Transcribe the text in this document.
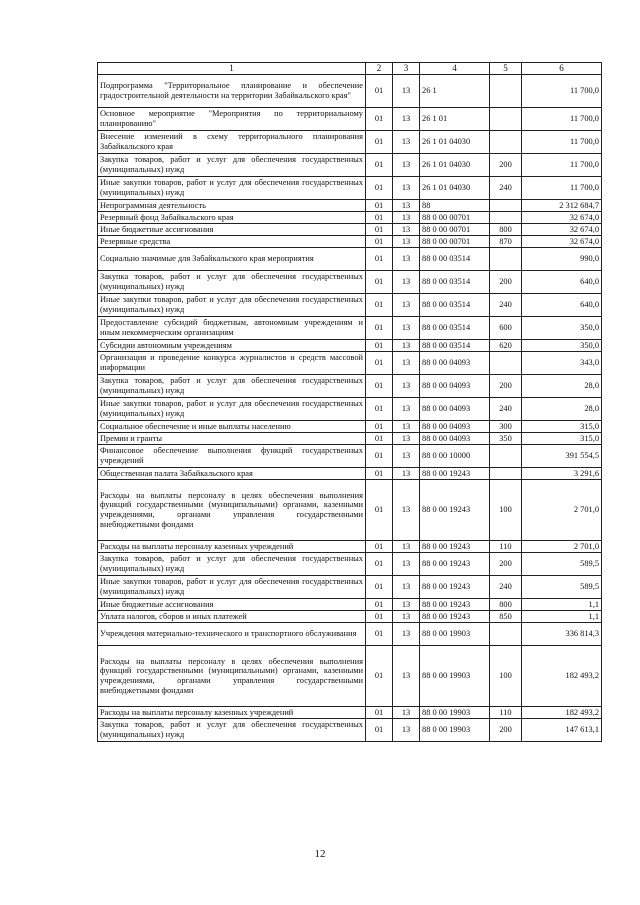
1	2	3	4	5	6
Подпрограмма "Территориальное планирование и обеспечение градостроительной деятельности на территории Забайкальского края"	01	13	26 1		11 700,0
Основное мероприятие "Мероприятия по территориальному планированию"	01	13	26 1 01		11 700,0
Внесение изменений в схему территориального планирования Забайкальского края	01	13	26 1 01 04030		11 700,0
Закупка товаров, работ и услуг для обеспечения государственных (муниципальных) нужд	01	13	26 1 01 04030	200	11 700,0
Иные закупки товаров, работ и услуг для обеспечения государственных (муниципальных) нужд	01	13	26 1 01 04030	240	11 700,0
Непрограммная деятельность	01	13	88		2 312 684,7
Резервный фонд Забайкальского края	01	13	88 0 00 00701		32 674,0
Иные бюджетные ассигнования	01	13	88 0 00 00701	800	32 674,0
Резервные средства	01	13	88 0 00 00701	870	32 674,0
Социально значимые для Забайкальского края мероприятия	01	13	88 0 00 03514		990,0
Закупка товаров, работ и услуг для обеспечения государственных (муниципальных) нужд	01	13	88 0 00 03514	200	640,0
Иные закупки товаров, работ и услуг для обеспечения государственных (муниципальных) нужд	01	13	88 0 00 03514	240	640,0
Предоставление субсидий бюджетным, автономным учреждениям и иным некоммерческим организациям	01	13	88 0 00 03514	600	350,0
Субсидии автономным учреждениям	01	13	88 0 00 03514	620	350,0
Организация и проведение конкурса журналистов и средств массовой информации	01	13	88 0 00 04093		343,0
Закупка товаров, работ и услуг для обеспечения государственных (муниципальных) нужд	01	13	88 0 00 04093	200	28,0
Иные закупки товаров, работ и услуг для обеспечения государственных (муниципальных) нужд	01	13	88 0 00 04093	240	28,0
Социальное обеспечение и иные выплаты населению	01	13	88 0 00 04093	300	315,0
Премии и гранты	01	13	88 0 00 04093	350	315,0
Финансовое обеспечение выполнения функций государственных учреждений	01	13	88 0 00 10000		391 554,5
Общественная палата Забайкальского края	01	13	88 0 00 19243		3 291,6
Расходы на выплаты персоналу в целях обеспечения выполнения функций государственными (муниципальными) органами, казенными учреждениями, органами управления государственными внебюджетными фондами	01	13	88 0 00 19243	100	2 701,0
Расходы на выплаты персоналу казенных учреждений	01	13	88 0 00 19243	110	2 701,0
Закупка товаров, работ и услуг для обеспечения государственных (муниципальных) нужд	01	13	88 0 00 19243	200	589,5
Иные закупки товаров, работ и услуг для обеспечения государственных (муниципальных) нужд	01	13	88 0 00 19243	240	589,5
Иные бюджетные ассигнования	01	13	88 0 00 19243	800	1,1
Уплата налогов, сборов и иных платежей	01	13	88 0 00 19243	850	1,1
Учреждения материально-технического и транспортного обслуживания	01	13	88 0 00 19903		336 814,3
Расходы на выплаты персоналу в целях обеспечения выполнения функций государственными (муниципальными) органами, казенными учреждениями, органами управления государственными внебюджетными фондами	01	13	88 0 00 19903	100	182 493,2
Расходы на выплаты персоналу казенных учреждений	01	13	88 0 00 19903	110	182 493,2
Закупка товаров, работ и услуг для обеспечения государственных (муниципальных) нужд	01	13	88 0 00 19903	200	147 613,1
12
